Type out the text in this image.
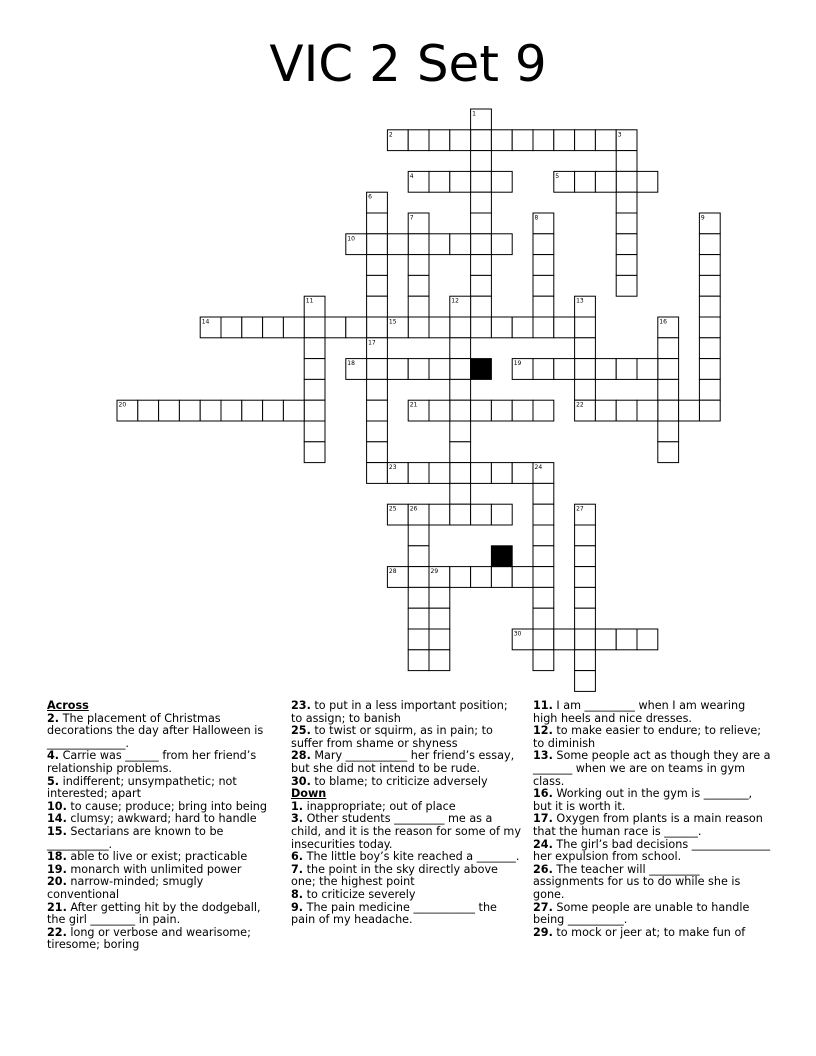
VIC 2 Set 9
1
2	3
4	5
6
7	8	9
10
11	12	13
14	15	16
17
18	19
20	21	22
23	24
25 26	27
28	29
30
Across
2. The placement of Christmas decorations the day after Halloween is ______________.
4. Carrie was ______ from her friend’s relationship problems.
5. indifferent; unsympathetic; not interested; apart
10. to cause; produce; bring into being
14. clumsy; awkward; hard to handle
15. Sectarians are known to be ___________.
18. able to live or exist; practicable
19. monarch with unlimited power
20. narrow-minded; smugly conventional
21. After getting hit by the dodgeball, the girl ________ in pain.
22. long or verbose and wearisome; tiresome; boring
23. to put in a less important position; to assign; to banish
25. to twist or squirm, as in pain; to suffer from shame or shyness
28. Mary ___________ her friend’s essay, but she did not intend to be rude.
30. to blame; to criticize adversely
Down
1. inappropriate; out of place
3. Other students _________ me as a child, and it is the reason for some of my insecurities today.
6. The little boy’s kite reached a _______.
7. the point in the sky directly above one; the highest point
8. to criticize severely
9. The pain medicine ___________ the pain of my headache.
11. I am _________ when I am wearing high heels and nice dresses.
12. to make easier to endure; to relieve; to diminish
13. Some people act as though they are a _______ when we are on teams in gym class.
16. Working out in the gym is ________, but it is worth it.
17. Oxygen from plants is a main reason that the human race is ______.
24. The girl’s bad decisions ______________ her expulsion from school.
26. The teacher will _________ assignments for us to do while she is gone.
27. Some people are unable to handle being __________.
29. to mock or jeer at; to make fun of
